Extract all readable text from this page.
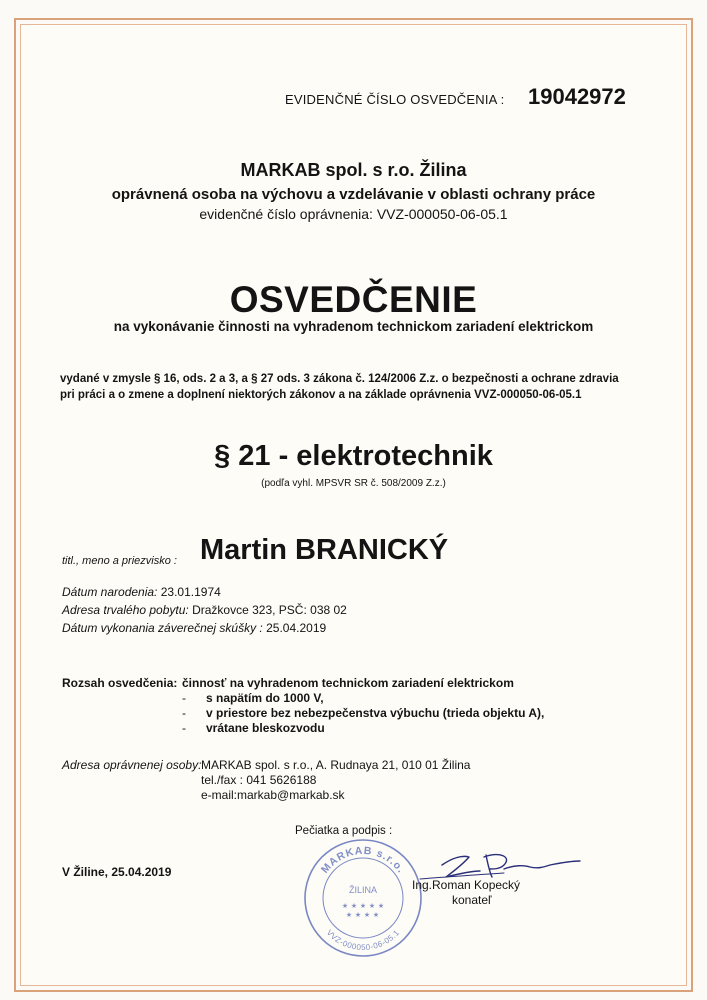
EVIDENČNÉ ČÍSLO OSVEDČENIA : 19042972
MARKAB spol. s r.o. Žilina
oprávnená osoba na výchovu a vzdelávanie v oblasti ochrany práce
evidenčné číslo oprávnenia: VVZ-000050-06-05.1
OSVEDČENIE
na vykonávanie činnosti na vyhradenom technickom zariadení elektrickom
vydané v zmysle § 16, ods. 2 a 3, a § 27 ods. 3 zákona č. 124/2006 Z.z. o bezpečnosti a ochrane zdravia
pri práci a o zmene a doplnení niektorých zákonov a na základe oprávnenia VVZ-000050-06-05.1
§ 21 - elektrotechnik
(podľa vyhl. MPSVR SR č. 508/2009 Z.z.)
titl., meno a priezvisko : Martin BRANICKÝ
Dátum narodenia: 23.01.1974
Adresa trvalého pobytu: Dražkovce 323, PSČ: 038 02
Dátum vykonania záverečnej skúšky : 25.04.2019
Rozsah osvedčenia: činnosť na vyhradenom technickom zariadení elektrickom
- s napätím do 1000 V,
- v priestore bez nebezpečenstva výbuchu (trieda objektu A),
- vrátane bleskozvodu
Adresa oprávnenej osoby: MARKAB spol. s r.o., A. Rudnaya 21, 010 01 Žilina
tel./fax : 041 5626188
e-mail:markab@markab.sk
Pečiatka a podpis :
V Žiline, 25.04.2019	MARKAB s.r.o.
VVZ-000050-06-05.1
ŽILINA
★ ★ ★ ★ ★
★ ★ ★ ★
Ing.Roman Kopecký
konateľ
